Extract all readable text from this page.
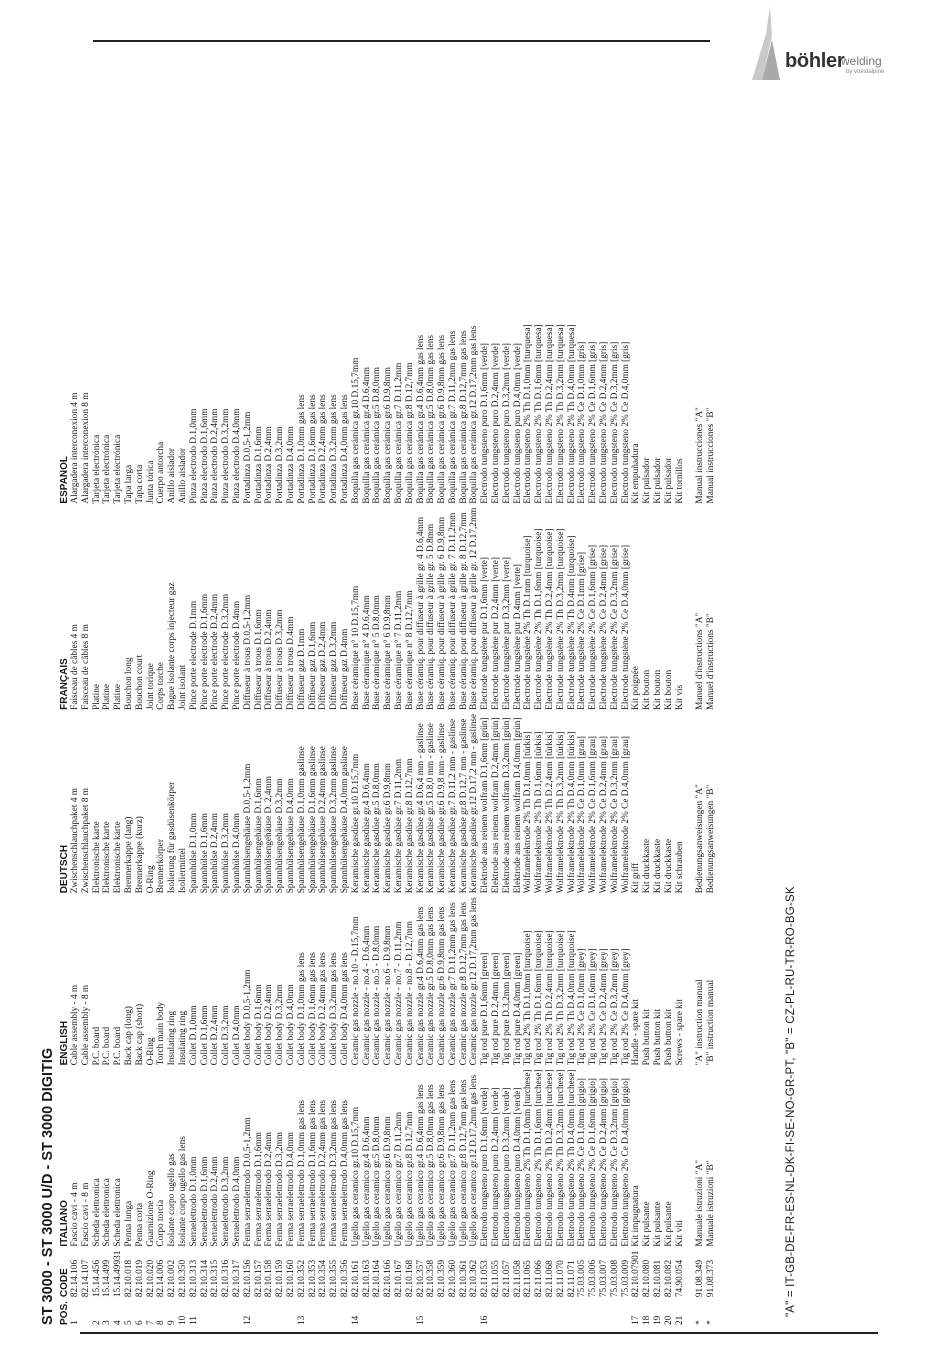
böhler
welding
by voestalpine
ST 3000 - ST 3000 U/D - ST 3000 DIGITIG POS.	CODE	ITALIANO	ENGLISH	DEUTSCH	FRANÇAIS	ESPAÑOL
1	82.14.106	Fascio cavi - 4 m	Cable assembly - 4 m	Zwischenschlauchpaket 4 m	Faisceau de câbles 4 m	Alargadera interconexion 4 m
	82.14.107	Fascio cavi - 8 m	Cable assembly - 8 m	Zwischenschlauchpaket 8 m	Faisceau de câbles 8 m	Alargadera interconexion 8 m
2	15.14.456	Scheda elettronica	P.C. board	Elektronische karte	Platine	Tarjeta electrónica
3	15.14.499	Scheda elettronica	P.C. board	Elektronische karte	Platine	Tarjeta electrónica
4	15.14.49931	Scheda elettronica	P.C. board	Elektronische karte	Platine	Tarjeta electrónica
5	82.10.018	Penna lunga	Back cap (long)	Brennerkappe (lang)	Bouchon long	Tapa larga
6	82.10.019	Penna corta	Back cap (short)	Brennerkappe (kurz)	Bouchon court	Tapa corta
7	82.10.020	Guarnizione O-Ring	O-Ring	O-Ring	Joint torique	Junta tórica
8	82.14.006	Corpo torcia	Torch main body	Brennerkörper	Corps torche	Cuerpo antorcha
9	82.10.002	Isolante corpo ugello gas	Insulating ring	Isolierung für gasdüsenkörper	Bague isolante corps injecteur gaz	Anillo aislador
10	82.10.350	Isolante corpo ugello gas lens	Insulating ring	Isoliermittel	Joint isolant	Anillo aislador
11	82.10.313	Serraelettrodo D.1,0mm	Collet D.1,0mm	Spannhülse D.1,0mm	Pince porte electrode D.1mm	Pinza electrodo D.1,0mm
	82.10.314	Serraelettrodo D.1,6mm	Collet D.1,6mm	Spannhülse D.1,6mm	Pince porte electrode D.1,6mm	Pinza electrodo D.1,6mm
	82.10.315	Serraelettrodo D.2,4mm	Collet D.2,4mm	Spannhülse D.2,4mm	Pince porte electrode D.2,4mm	Pinza electrodo D.2,4mm
	82.10.316	Serraelettrodo D.3,2mm	Collet D.3,2mm	Spannhülse D.3,2mm	Pince porte electrode D.3,2mm	Pinza electrodo D.3,2mm
	82.10.317	Serraelettrodo D.4,0mm	Collet D.4,0mm	Spannhülse D.4,0mm	Pince porte electrode D.4mm	Pinza electrodo D.4,0mm
12	82.10.156	Ferma serraelettrodo D.0,5-1,2mm	Collet body D.0,5-1,2mm	Spannhülsengehäuse D.0,5-1,2mm	Diffuseur à trous D.0,5-1,2mm	Portadinza D.0,5-1,2mm
	82.10.157	Ferma serraelettrodo D.1,6mm	Collet body D.1,6mm	Spannhülsengehäuse D.1,6mm	Diffuseur à trous D.1,6mm	Portadinza D.1,6mm
	82.10.158	Ferma serraelettrodo D.2,4mm	Collet body D.2,4mm	Spannhülsengehäuse D. 2,4mm	Diffuseur à trous D.2,4mm	Portadinza D.2,4mm
	82.10.159	Ferma serraelettrodo D.3,2mm	Collet body D.3,2mm	Spannhülsengehäuse D.3,2mm	Diffuseur à trous D.3,2mm	Portadinza D.3,2mm
	82.10.160	Ferma serraelettrodo D.4,0mm	Collet body D.4,0mm	Spannhülsengehäuse D.4,0mm	Diffuseur à trous D.4mm	Portadinza D.4,0mm
13	82.10.352	Ferma serraelettrodo D.1,0mm gas lens	Collet body D.1,0mm gas lens	Spannhülsengehäuse D.1,0mm gaslinse	Diffuseur gaz D.1mm	Portadinza D.1,0mm gas lens
	82.10.353	Ferma serraelettrodo D.1,6mm gas lens	Collet body D.1,6mm gas lens	Spannhülsengehäuse D.1,6mm gaslinse	Diffuseur gaz D.1,6mm	Portadinza D.1,6mm gas lens
	82.10.354	Ferma serraelettrodo D.2,4mm gas lens	Collet body D.2,4mm gas lens	Spannhülsengehäuse D.2,4mm gaslinse	Diffuseur gaz D.2,4mm	Portadinza D.2,4mm gas lens
	82.10.355	Ferma serraelettrodo D.3,2mm gas lens	Collet body D.3,2mm gas lens	Spannhülsengehäuse D.3,2mm gaslinse	Diffuseur gaz D.3,2mm	Portadinza D.3,2mm gas lens
	82.10.356	Ferma serraelettrodo D.4,0mm gas lens	Collet body D.4,0mm gas lens	Spannhülsengehäuse D.4,0mm gaslinse	Diffuseur gaz D.4mm	Portadinza D.4,0mm gas lens
14	82.10.161	Ugello gas ceramico gr.10 D.15,7mm	Ceramic gas nozzle - no.10 - D.15,7mm	Keramische gasdüse gr.10 D.15,7mm	Buse céramique n° 10 D.15,7mm	Boquilla gas cerámica gr.10 D.15,7mm
	82.10.163	Ugello gas ceramico gr.4 D.6,4mm	Ceramic gas nozzle - no.4 - D.6,4mm	Keramische gasdüse gr.4 D.6,4mm	Buse céramique n° 4 D.6,4mm	Boquilla gas cerámica gr.4 D.6,4mm
	82.10.164	Ugello gas ceramico gr.5 D.8,0mm	Ceramic gas nozzle - no.5 - D.8,0mm	Keramische gasdüse gr.5 D.8,0mm	Buse céramique n° 5 D.8,0mm	Boquilla gas cerámica gr.5 D.8,0mm
	82.10.166	Ugello gas ceramico gr.6 D.9,8mm	Ceramic gas nozzle - no.6 - D.9,8mm	Keramische gasdüse gr.6 D.9,8mm	Buse céramique n° 6 D.9,8mm	Boquilla gas cerámica gr.6 D.9,8mm
	82.10.167	Ugello gas ceramico gr.7 D.11,2mm	Ceramic gas nozzle - no.7 - D.11,2mm	Keramische gasdüse gr.7 D.11,2mm	Buse céramique n° 7 D.11,2mm	Boquilla gas cerámica gr.7 D.11,2mm
	82.10.168	Ugello gas ceramico gr.8 D.12,7mm	Ceramic gas nozzle - no.8 - D.12,7mm	Keramische gasdüse gr.8 D.12,7mm	Buse céramique n° 8 D.12,7mm	Boquilla gas cerámica gr.8 D.12,7mm
15	82.10.357	Ugello gas ceramico gr.4 D.6,4mm gas lens	Ceramic gas nozzle gr.4 D.6,4mm gas lens	Keramische gasdüse gr.4 D.6,4 mm - gaslinse	Buse céramiq. pour diffuseur à grille gr. 4 D.6,4mm	Boquilla gas cerámica gr.4 D.6,4mm gas lens
	82.10.358	Ugello gas ceramico gr.5 D.8,0mm gas lens	Ceramic gas nozzle gr.5 D.8,0mm gas lens	Keramische gasdüse gr.5 D.8,0 mm - gaslinse	Buse céramiq. pour diffuseur à grille gr. 5 D.8mm	Boquilla gas cerámica gr.5 D.8,0mm gas lens
	82.10.359	Ugello gas ceramico gr.6 D.9,8mm gas lens	Ceramic gas nozzle gr.6 D.9,8mm gas lens	Keramische gasdüse gr.6 D.9,8 mm - gaslinse	Buse céramiq. pour diffuseur à grille gr. 6 D.9,8mm	Boquilla gas cerámica gr.6 D.9,8mm gas lens
	82.10.360	Ugello gas ceramico gr.7 D.11,2mm gas lens	Ceramic gas nozzle gr.7 D.11,2mm gas lens	Keramische gasdüse gr.7 D.11,2 mm - gaslinse	Buse céramiq. pour diffuseur à grille gr. 7 D.11,2mm	Boquilla gas cerámica gr.7 D.11,2mm gas lens
	82.10.361	Ugello gas ceramico gr.8 D.12,7mm gas lens	Ceramic gas nozzle gr.8 D.12,7mm gas lens	Keramische gasdüse gr.8 D.12,7 mm - gaslinse	Buse céramiq. pour diffuseur à grille gr. 8 D.12,7mm	Boquilla gas cerámica gr.8 D.12,7mm gas lens
	82.10.362	Ugello gas ceramico gr.12 D.17,2mm gas lens	Ceramic gas nozzle gr.12 D.17,2mm gas lens	Keramische gasdüse gr.12 D.17,2 mm - gaslinse	Buse céramiq. pour diffuseur à grille gr. 12 D.17,2mm	Boquilla gas cerámica gr.12 D.17,2mm gas lens
16	82.11.053	Elettrodo tungsteno puro D.1,6mm [verde]	Tig rod pure D.1,6mm [green]	Elektrode aus reinem wolfram D.1,6mm [grün]	Electrode tungstène pur D.1,6mm [verte]	Electrodo tungsteno puro D.1,6mm [verde]
	82.11.055	Elettrodo tungsteno puro D.2,4mm [verde]	Tig rod pure D.2,4mm [green]	Elektrode aus reinem wolfram D.2,4mm [grün]	Electrode tungstène pur D.2,4mm [verte]	Electrodo tungsteno puro D.2,4mm [verde]
	82.11.057	Elettrodo tungsteno puro D.3,2mm [verde]	Tig rod pure D.3,2mm [green]	Elektrode aus reinem wolfram D.3,2mm [grün]	Electrode tungstène pur D.3,2mm [verte]	Electrodo tungsteno puro D.3,2mm [verde]
	82.11.058	Elettrodo tungsteno puro D.4,0mm [verde]	Tig rod pure D.4,0mm [green]	Elektrode aus reinem wolfram D.4,0mm [grün]	Electrode tungstène pur D.4mm [verte]	Electrodo tungsteno puro D.4,0mm [verde]
	82.11.065	Elettrodo tungsteno 2% Th D.1,0mm [turchese]	Tig rod 2% Th D.1,0mm [turquoise]	Wolframelektrode 2% Th D.1,0mm [türkis]	Électrode tungstène 2% Th D.1mm [turquoise]	Electrodo tungsteno 2% Th D.1,0mm [turquesa]
	82.11.066	Elettrodo tungsteno 2% Th D.1,6mm [turchese]	Tig rod 2% Th D.1,6mm [turquoise]	Wolframelektrode 2% Th D.1,6mm [türkis]	Électrode tungstène 2% Th D.1,6mm [turquoise]	Electrodo tungsteno 2% Th D.1,6mm [turquesa]
	82.11.068	Elettrodo tungsteno 2% Th D.2,4mm [turchese]	Tig rod 2% Th D.2,4mm [turquoise]	Wolframelektrode 2% Th D.2,4mm [türkis]	Électrode tungstène 2% Th D.2,4mm [turquoise]	Electrodo tungsteno 2% Th D.2,4mm [turquesa]
	82.11.070	Elettrodo tungsteno 2% Th D.3,2mm [turchese]	Tig rod 2% Th D.3,2mm [turquoise]	Wolframelektrode 2% Th D.3,2mm [türkis]	Électrode tungstène 2% Th D.3,2mm [turquoise]	Electrodo tungsteno 2% Th D.3,2mm [turquesa]
	82.11.071	Elettrodo tungsteno 2% Th D.4,0mm [turchese]	Tig rod 2% Th D.4,0mm [turquoise]	Wolframelektrode 2% Th D.4,0mm [türkis]	Électrode tungstène 2% Th D.4mm [turquoise]	Electrodo tungsteno 2% Th D.4,0mm [turquesa]
	75.03.005	Elettrodo tungsteno 2% Ce D.1,0mm [grigio]	Tig rod 2% Ce D.1,0mm [grey]	Wolframelektrode 2% Ce D.1,0mm [grau]	Electrode tungstène 2% Ce D.1mm [grise]	Electrodo tungsteno 2% Ce D.1,0mm [gris]
	75.03.006	Elettrodo tungsteno 2% Ce D.1,6mm [grigio]	Tig rod 2% Ce D.1,6mm [grey]	Wolframelektrode 2% Ce D.1,6mm [grau]	Electrode tungstène 2% Ce D.1,6mm [grise]	Electrodo tungsteno 2% Ce D.1,6mm [gris]
	75.03.007	Elettrodo tungsteno 2% Ce D.2,4mm [grigio]	Tig rod 2% Ce D.2,4mm [grey]	Wolframelektrode 2% Ce D.2,4mm [grau]	Electrode tungstène 2% Ce D.2,4mm [grise]	Electrodo tungsteno 2% Ce D.2,4mm [gris]
	75.03.008	Elettrodo tungsteno 2% Ce D.3,2mm [grigio]	Tig rod 2% Ce D.3,2mm [grey]	Wolframelektrode 2% Ce D.3,2mm [grau]	Electrode tungstène 2% Ce D.3,2mm [grise]	Electrodo tungsteno 2% Ce D.3,2mm [gris]
	75.03.009	Elettrodo tungsteno 2% Ce D.4,0mm [grigio]	Tig rod 2% Ce D.4,0mm [grey]	Wolframelektrode 2% Ce D.4,0mm [grau]	Electrode tungstène 2% Ce D.4,0mm [grise]	Electrodo tungsteno 2% Ce D.4,0mm [gris]
17	82.10.07901	Kit impugnatura	Handle - spare kit	Kit griff	Kit poignée	Kit empuñadura
18	82.10.080	Kit pulsante	Push button kit	Kit druckkaste	Kit bouton	Kit pulsador
19	82.10.081	Kit pulsante	Push button kit	Kit druckkaste	Kit bouton	Kit pulsador
20	82.10.082	Kit pulsante	Push button kit	Kit druckkaste	Kit bouton	Kit pulsador
21	74.90.054	Kit viti	Screws - spare kit	Kit schrauben	Kit vis	Kit tornillos

*	91.08.349	Manuale istruzioni "A"	"A" instruction manual	Bedienungsanweisungen "A"	Manuel d'instructions "A"	Manual instrucciones "A"
*	91.08.373	Manuale istruzioni "B"	"B" instruction manual	Bedienungsanweisungen "B"	Manuel d'instructions "B"	Manual instrucciones "B"
"A" = IT-GB-DE-FR-ES-NL-DK-FI-SE-NO-GR-PT, "B" = CZ-PL-RU-TR-RO-BG-SK
